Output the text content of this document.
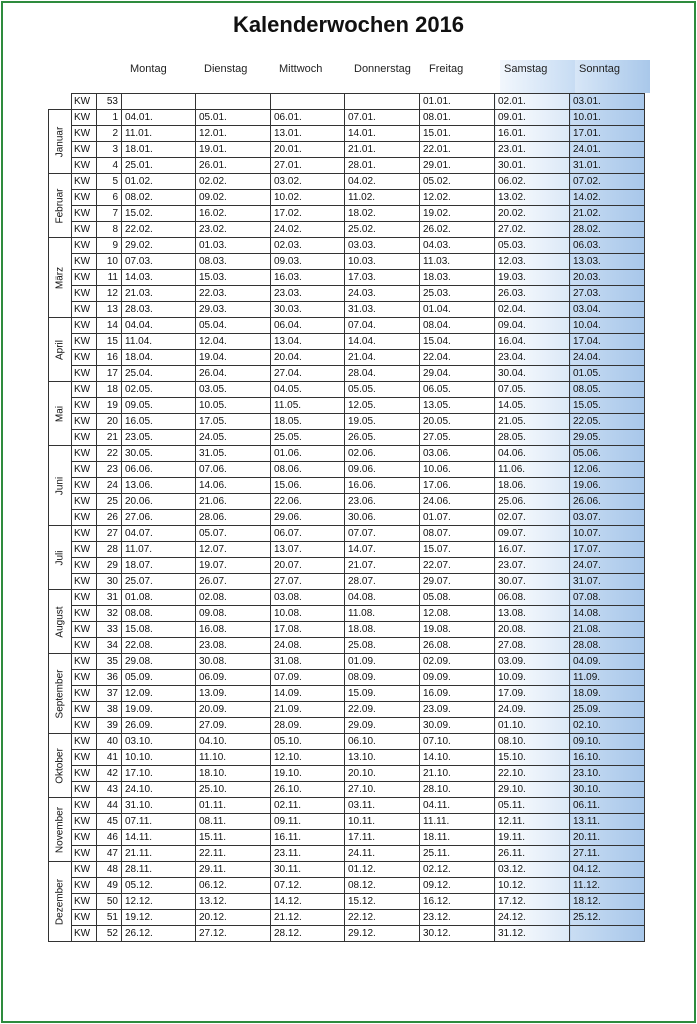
Kalenderwochen 2016
Montag	Dienstag	Mittwoch	Donnerstag	Freitag	Samstag	Sonntag
	KW	53					01.01.	02.01.	03.01.

Januar	KW	1	04.01.	05.01.	06.01.	07.01.	08.01.	09.01.	10.01.
	KW	2	11.01.	12.01.	13.01.	14.01.	15.01.	16.01.	17.01.
	KW	3	18.01.	19.01.	20.01.	21.01.	22.01.	23.01.	24.01.
	KW	4	25.01.	26.01.	27.01.	28.01.	29.01.	30.01.	31.01.

Februar	KW	5	01.02.	02.02.	03.02.	04.02.	05.02.	06.02.	07.02.
	KW	6	08.02.	09.02.	10.02.	11.02.	12.02.	13.02.	14.02.
	KW	7	15.02.	16.02.	17.02.	18.02.	19.02.	20.02.	21.02.
	KW	8	22.02.	23.02.	24.02.	25.02.	26.02.	27.02.	28.02.

März	KW	9	29.02.	01.03.	02.03.	03.03.	04.03.	05.03.	06.03.
	KW	10	07.03.	08.03.	09.03.	10.03.	11.03.	12.03.	13.03.
	KW	11	14.03.	15.03.	16.03.	17.03.	18.03.	19.03.	20.03.
	KW	12	21.03.	22.03.	23.03.	24.03.	25.03.	26.03.	27.03.
	KW	13	28.03.	29.03.	30.03.	31.03.	01.04.	02.04.	03.04.

April	KW	14	04.04.	05.04.	06.04.	07.04.	08.04.	09.04.	10.04.
	KW	15	11.04.	12.04.	13.04.	14.04.	15.04.	16.04.	17.04.
	KW	16	18.04.	19.04.	20.04.	21.04.	22.04.	23.04.	24.04.
	KW	17	25.04.	26.04.	27.04.	28.04.	29.04.	30.04.	01.05.

Mai	KW	18	02.05.	03.05.	04.05.	05.05.	06.05.	07.05.	08.05.
	KW	19	09.05.	10.05.	11.05.	12.05.	13.05.	14.05.	15.05.
	KW	20	16.05.	17.05.	18.05.	19.05.	20.05.	21.05.	22.05.
	KW	21	23.05.	24.05.	25.05.	26.05.	27.05.	28.05.	29.05.

Juni	KW	22	30.05.	31.05.	01.06.	02.06.	03.06.	04.06.	05.06.
	KW	23	06.06.	07.06.	08.06.	09.06.	10.06.	11.06.	12.06.
	KW	24	13.06.	14.06.	15.06.	16.06.	17.06.	18.06.	19.06.
	KW	25	20.06.	21.06.	22.06.	23.06.	24.06.	25.06.	26.06.
	KW	26	27.06.	28.06.	29.06.	30.06.	01.07.	02.07.	03.07.

Juli	KW	27	04.07.	05.07.	06.07.	07.07.	08.07.	09.07.	10.07.
	KW	28	11.07.	12.07.	13.07.	14.07.	15.07.	16.07.	17.07.
	KW	29	18.07.	19.07.	20.07.	21.07.	22.07.	23.07.	24.07.
	KW	30	25.07.	26.07.	27.07.	28.07.	29.07.	30.07.	31.07.

August	KW	31	01.08.	02.08.	03.08.	04.08.	05.08.	06.08.	07.08.
	KW	32	08.08.	09.08.	10.08.	11.08.	12.08.	13.08.	14.08.
	KW	33	15.08.	16.08.	17.08.	18.08.	19.08.	20.08.	21.08.
	KW	34	22.08.	23.08.	24.08.	25.08.	26.08.	27.08.	28.08.

September	KW	35	29.08.	30.08.	31.08.	01.09.	02.09.	03.09.	04.09.
	KW	36	05.09.	06.09.	07.09.	08.09.	09.09.	10.09.	11.09.
	KW	37	12.09.	13.09.	14.09.	15.09.	16.09.	17.09.	18.09.
	KW	38	19.09.	20.09.	21.09.	22.09.	23.09.	24.09.	25.09.
	KW	39	26.09.	27.09.	28.09.	29.09.	30.09.	01.10.	02.10.

Oktober	KW	40	03.10.	04.10.	05.10.	06.10.	07.10.	08.10.	09.10.
	KW	41	10.10.	11.10.	12.10.	13.10.	14.10.	15.10.	16.10.
	KW	42	17.10.	18.10.	19.10.	20.10.	21.10.	22.10.	23.10.
	KW	43	24.10.	25.10.	26.10.	27.10.	28.10.	29.10.	30.10.

November	KW	44	31.10.	01.11.	02.11.	03.11.	04.11.	05.11.	06.11.
	KW	45	07.11.	08.11.	09.11.	10.11.	11.11.	12.11.	13.11.
	KW	46	14.11.	15.11.	16.11.	17.11.	18.11.	19.11.	20.11.
	KW	47	21.11.	22.11.	23.11.	24.11.	25.11.	26.11.	27.11.

Dezember	KW	48	28.11.	29.11.	30.11.	01.12.	02.12.	03.12.	04.12.
	KW	49	05.12.	06.12.	07.12.	08.12.	09.12.	10.12.	11.12.
	KW	50	12.12.	13.12.	14.12.	15.12.	16.12.	17.12.	18.12.
	KW	51	19.12.	20.12.	21.12.	22.12.	23.12.	24.12.	25.12.
	KW	52	26.12.	27.12.	28.12.	29.12.	30.12.	31.12.	
